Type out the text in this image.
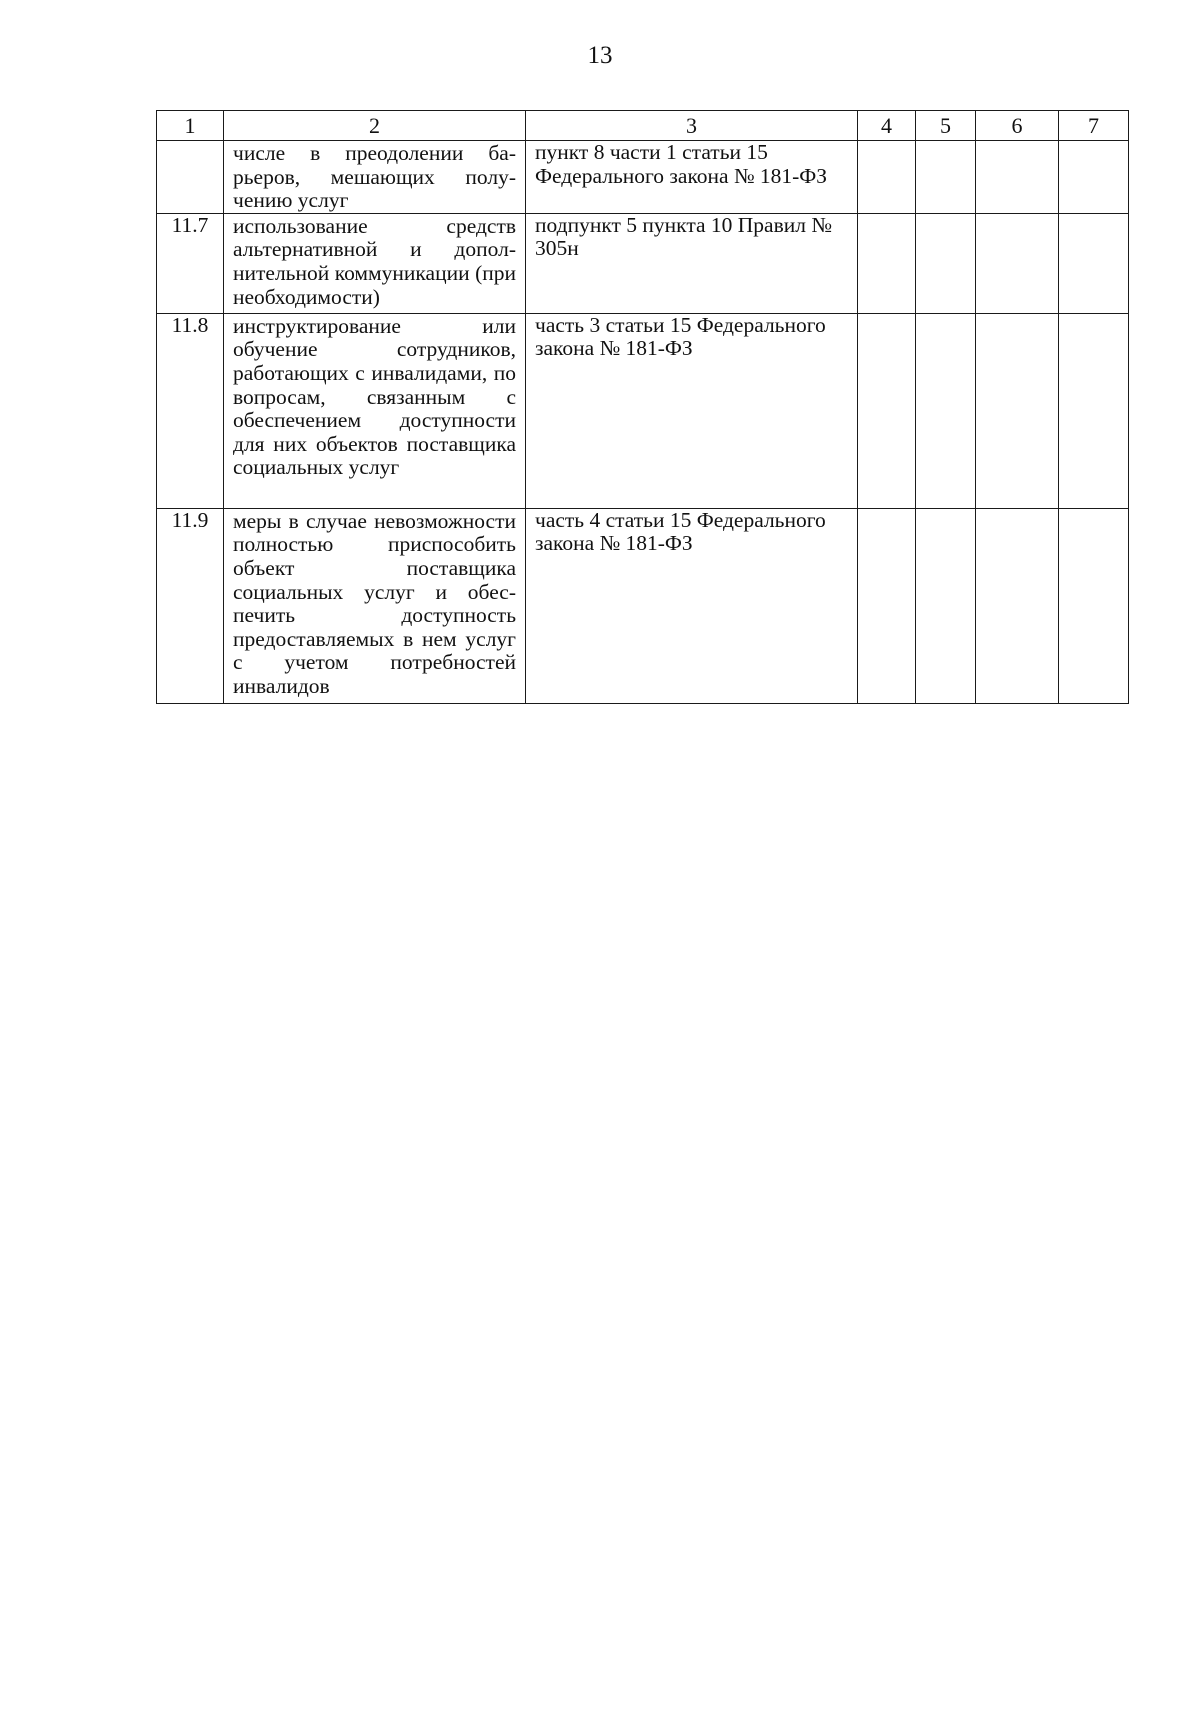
13
1	2	3	4	5	6	7

	числе в преодолении барьеров, мешающих получению услуг	пункт 8 части 1 статьи 15 Федерального закона № 181-ФЗ				
11.7	использование средств альтернативной и дополнительной коммуникации (при необходимости)	подпункт 5 пункта 10 Правил № 305н				
11.8	инструктирование или обучение сотрудников, работающих с инвалидами, по вопросам, связанным с обеспечением доступности для них объектов поставщика социальных услуг	часть 3 статьи 15 Федерального закона № 181-ФЗ				
11.9	меры в случае невозможности полностью приспособить объект поставщика социальных услуг и обеспечить доступность предоставляемых в нем услуг с учетом потребностей инвалидов	часть 4 статьи 15 Федерального закона № 181-ФЗ				
